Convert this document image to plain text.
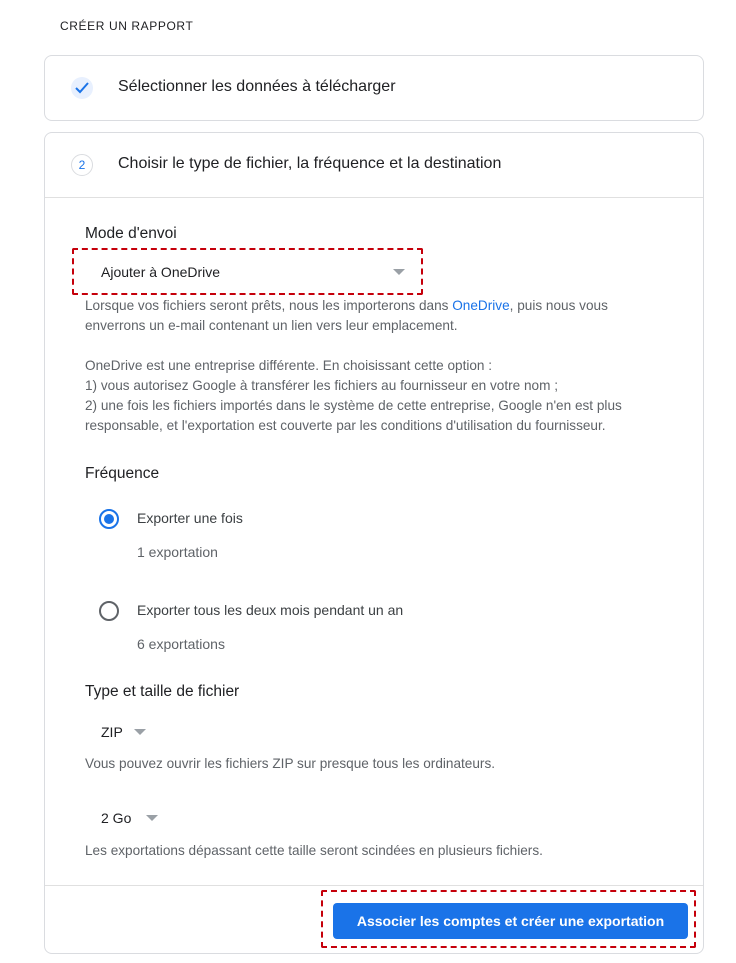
CRÉER UN RAPPORT
Sélectionner les données à télécharger
2	Choisir le type de fichier, la fréquence et la destination
Mode d'envoi
Ajouter à OneDrive
Lorsque vos fichiers seront prêts, nous les importerons dans OneDrive, puis nous vous enverrons un e-mail contenant un lien vers leur emplacement.
OneDrive est une entreprise différente. En choisissant cette option :
1) vous autorisez Google à transférer les fichiers au fournisseur en votre nom ;
2) une fois les fichiers importés dans le système de cette entreprise, Google n'en est plus responsable, et l'exportation est couverte par les conditions d'utilisation du fournisseur.
Fréquence
Exporter une fois
1 exportation
Exporter tous les deux mois pendant un an
6 exportations
Type et taille de fichier
ZIP
Vous pouvez ouvrir les fichiers ZIP sur presque tous les ordinateurs.
2 Go
Les exportations dépassant cette taille seront scindées en plusieurs fichiers.
Associer les comptes et créer une exportation
